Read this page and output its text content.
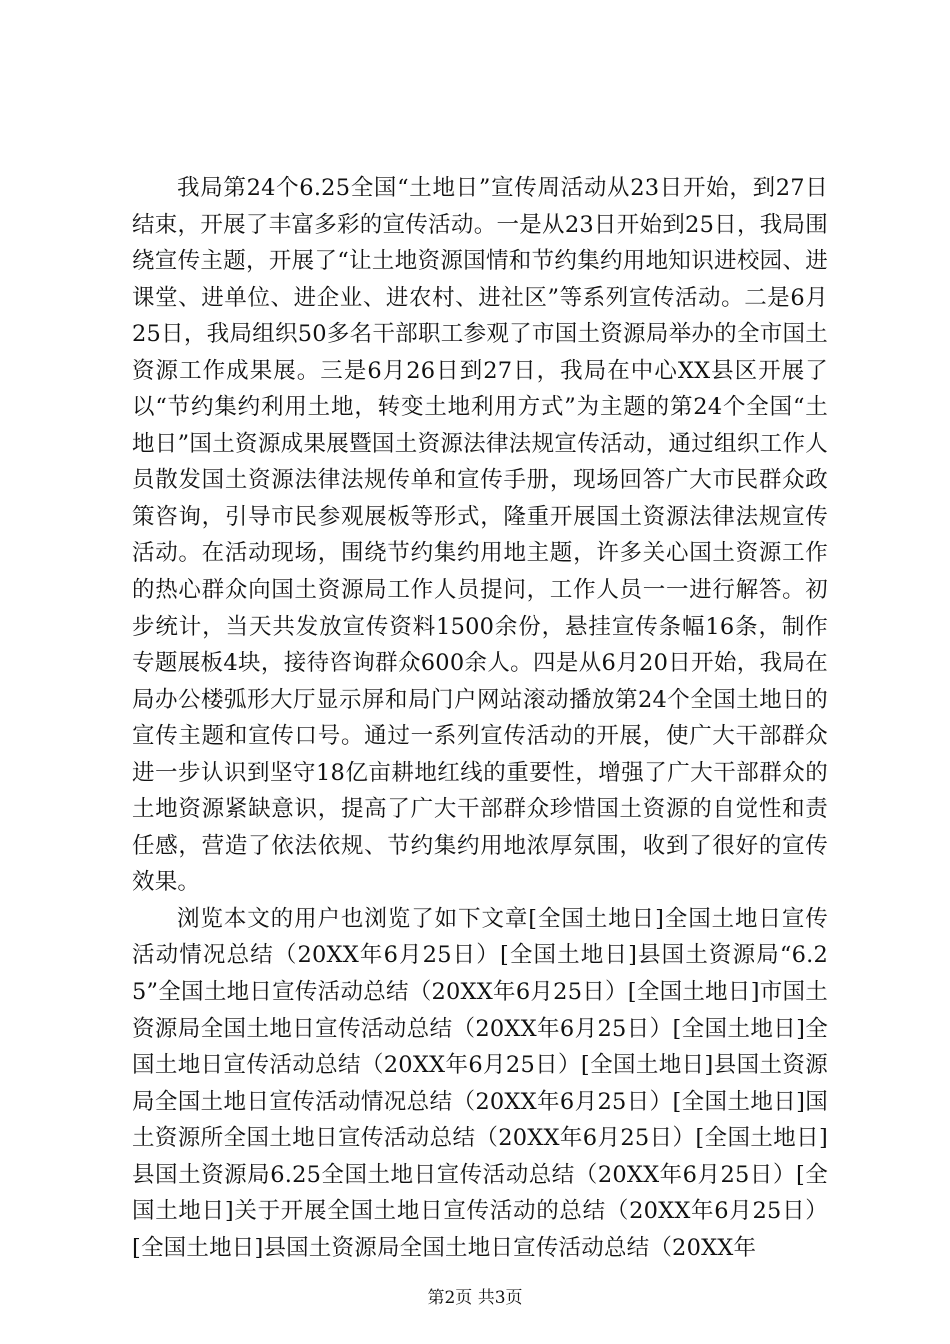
我局第24个6.25全国“土地日”宣传周活动从23日开始，到27日结束，开展了丰富多彩的宣传活动。一是从23日开始到25日，我局围绕宣传主题，开展了“让土地资源国情和节约集约用地知识进校园、进课堂、进单位、进企业、进农村、进社区”等系列宣传活动。二是6月25日，我局组织50多名干部职工参观了市国土资源局举办的全市国土资源工作成果展。三是6月26日到27日，我局在中心XX县区开展了以“节约集约利用土地，转变土地利用方式”为主题的第24个全国“土地日”国土资源成果展暨国土资源法律法规宣传活动，通过组织工作人员散发国土资源法律法规传单和宣传手册，现场回答广大市民群众政策咨询，引导市民参观展板等形式，隆重开展国土资源法律法规宣传活动。在活动现场，围绕节约集约用地主题，许多关心国土资源工作的热心群众向国土资源局工作人员提问，工作人员一一进行解答。初步统计，当天共发放宣传资料1500余份，悬挂宣传条幅16条，制作专题展板4块，接待咨询群众600余人。四是从6月20日开始，我局在局办公楼弧形大厅显示屏和局门户网站滚动播放第24个全国土地日的宣传主题和宣传口号。通过一系列宣传活动的开展，使广大干部群众进一步认识到坚守18亿亩耕地红线的重要性，增强了广大干部群众的土地资源紧缺意识，提高了广大干部群众珍惜国土资源的自觉性和责任感，营造了依法依规、节约集约用地浓厚氛围，收到了很好的宣传效果。

浏览本文的用户也浏览了如下文章[全国土地日]全国土地日宣传活动情况总结（20XX年6月25日）[全国土地日]县国土资源局“6.25”全国土地日宣传活动总结（20XX年6月25日）[全国土地日]市国土资源局全国土地日宣传活动总结（20XX年6月25日）[全国土地日]全国土地日宣传活动总结（20XX年6月25日）[全国土地日]县国土资源局全国土地日宣传活动情况总结（20XX年6月25日）[全国土地日]国土资源所全国土地日宣传活动总结（20XX年6月25日）[全国土地日]县国土资源局6.25全国土地日宣传活动总结（20XX年6月25日）[全国土地日]关于开展全国土地日宣传活动的总结（20XX年6月25日）[全国土地日]县国土资源局全国土地日宣传活动总结（20XX年

第2页 共3页
